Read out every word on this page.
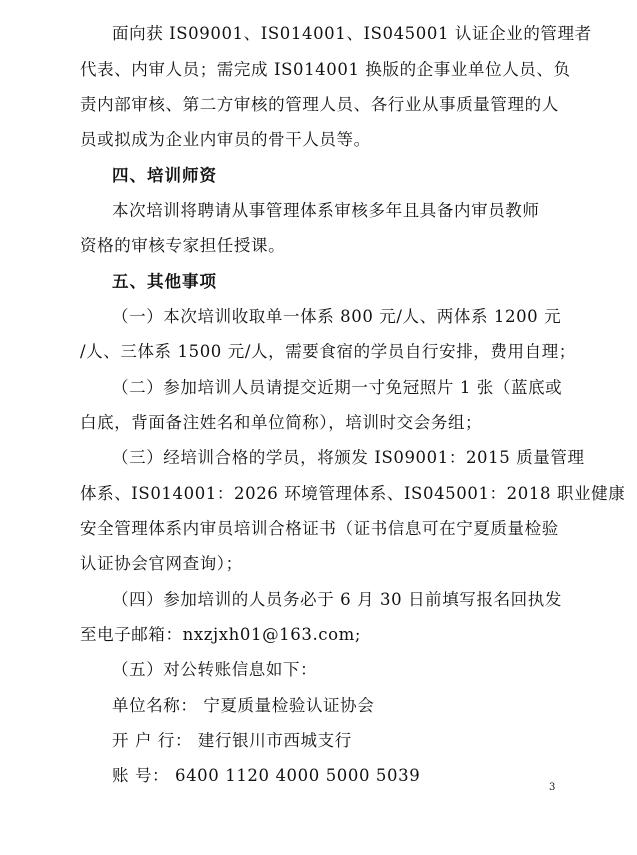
面向获 IS09001、IS014001、IS045001 认证企业的管理者
代表、内审人员；需完成 IS014001 换版的企事业单位人员、负
责内部审核、第二方审核的管理人员、各行业从事质量管理的人
员或拟成为企业内审员的骨干人员等。
四、培训师资
本次培训将聘请从事管理体系审核多年且具备内审员教师
资格的审核专家担任授课。
五、其他事项
（一）本次培训收取单一体系 800 元/人、两体系 1200 元
/人、三体系 1500 元/人，需要食宿的学员自行安排，费用自理；
（二）参加培训人员请提交近期一寸免冠照片 1 张（蓝底或
白底，背面备注姓名和单位简称），培训时交会务组；
（三）经培训合格的学员，将颁发 IS09001：2015 质量管理
体系、IS014001：2026 环境管理体系、IS045001：2018 职业健康
安全管理体系内审员培训合格证书（证书信息可在宁夏质量检验
认证协会官网查询）；
（四）参加培训的人员务必于 6 月 30 日前填写报名回执发
至电子邮箱：nxzjxh01@163.com;
（五）对公转账信息如下：
单位名称： 宁夏质量检验认证协会
开 户 行： 建行银川市西城支行
账 号： 6400 1120 4000 5000 5039
3
